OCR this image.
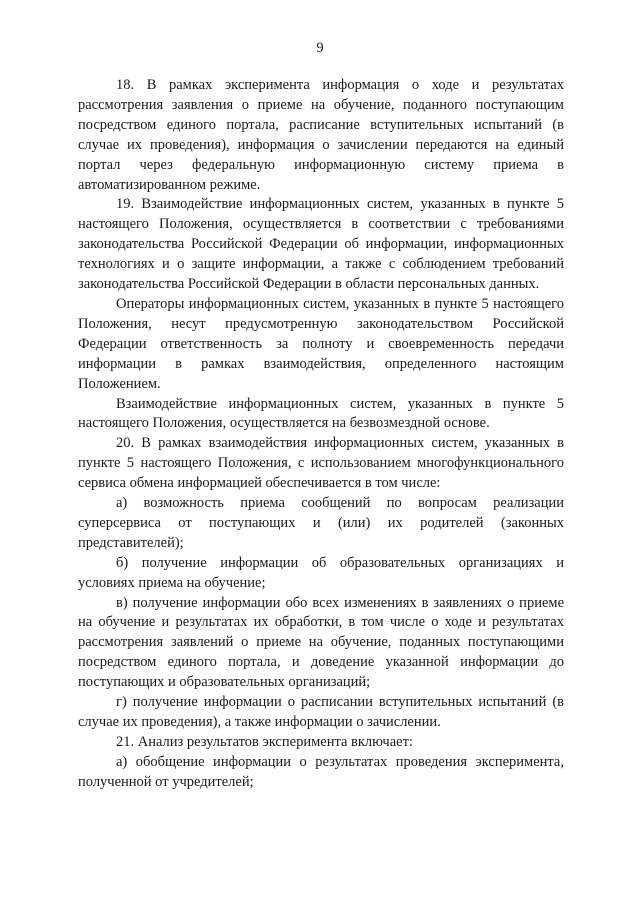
9

18. В рамках эксперимента информация о ходе и результатах рассмотрения заявления о приеме на обучение, поданного поступающим посредством единого портала, расписание вступительных испытаний (в случае их проведения), информация о зачислении передаются на единый портал через федеральную информационную систему приема в автоматизированном режиме.

19. Взаимодействие информационных систем, указанных в пункте 5 настоящего Положения, осуществляется в соответствии с требованиями законодательства Российской Федерации об информации, информационных технологиях и о защите информации, а также с соблюдением требований законодательства Российской Федерации в области персональных данных.

Операторы информационных систем, указанных в пункте 5 настоящего Положения, несут предусмотренную законодательством Российской Федерации ответственность за полноту и своевременность передачи информации в рамках взаимодействия, определенного настоящим Положением.

Взаимодействие информационных систем, указанных в пункте 5 настоящего Положения, осуществляется на безвозмездной основе.

20. В рамках взаимодействия информационных систем, указанных в пункте 5 настоящего Положения, с использованием многофункционального сервиса обмена информацией обеспечивается в том числе:

а) возможность приема сообщений по вопросам реализации суперсервиса от поступающих и (или) их родителей (законных представителей);

б) получение информации об образовательных организациях и условиях приема на обучение;

в) получение информации обо всех изменениях в заявлениях о приеме на обучение и результатах их обработки, в том числе о ходе и результатах рассмотрения заявлений о приеме на обучение, поданных поступающими посредством единого портала, и доведение указанной информации до поступающих и образовательных организаций;

г) получение информации о расписании вступительных испытаний (в случае их проведения), а также информации о зачислении.

21. Анализ результатов эксперимента включает:

а) обобщение информации о результатах проведения эксперимента, полученной от учредителей;
